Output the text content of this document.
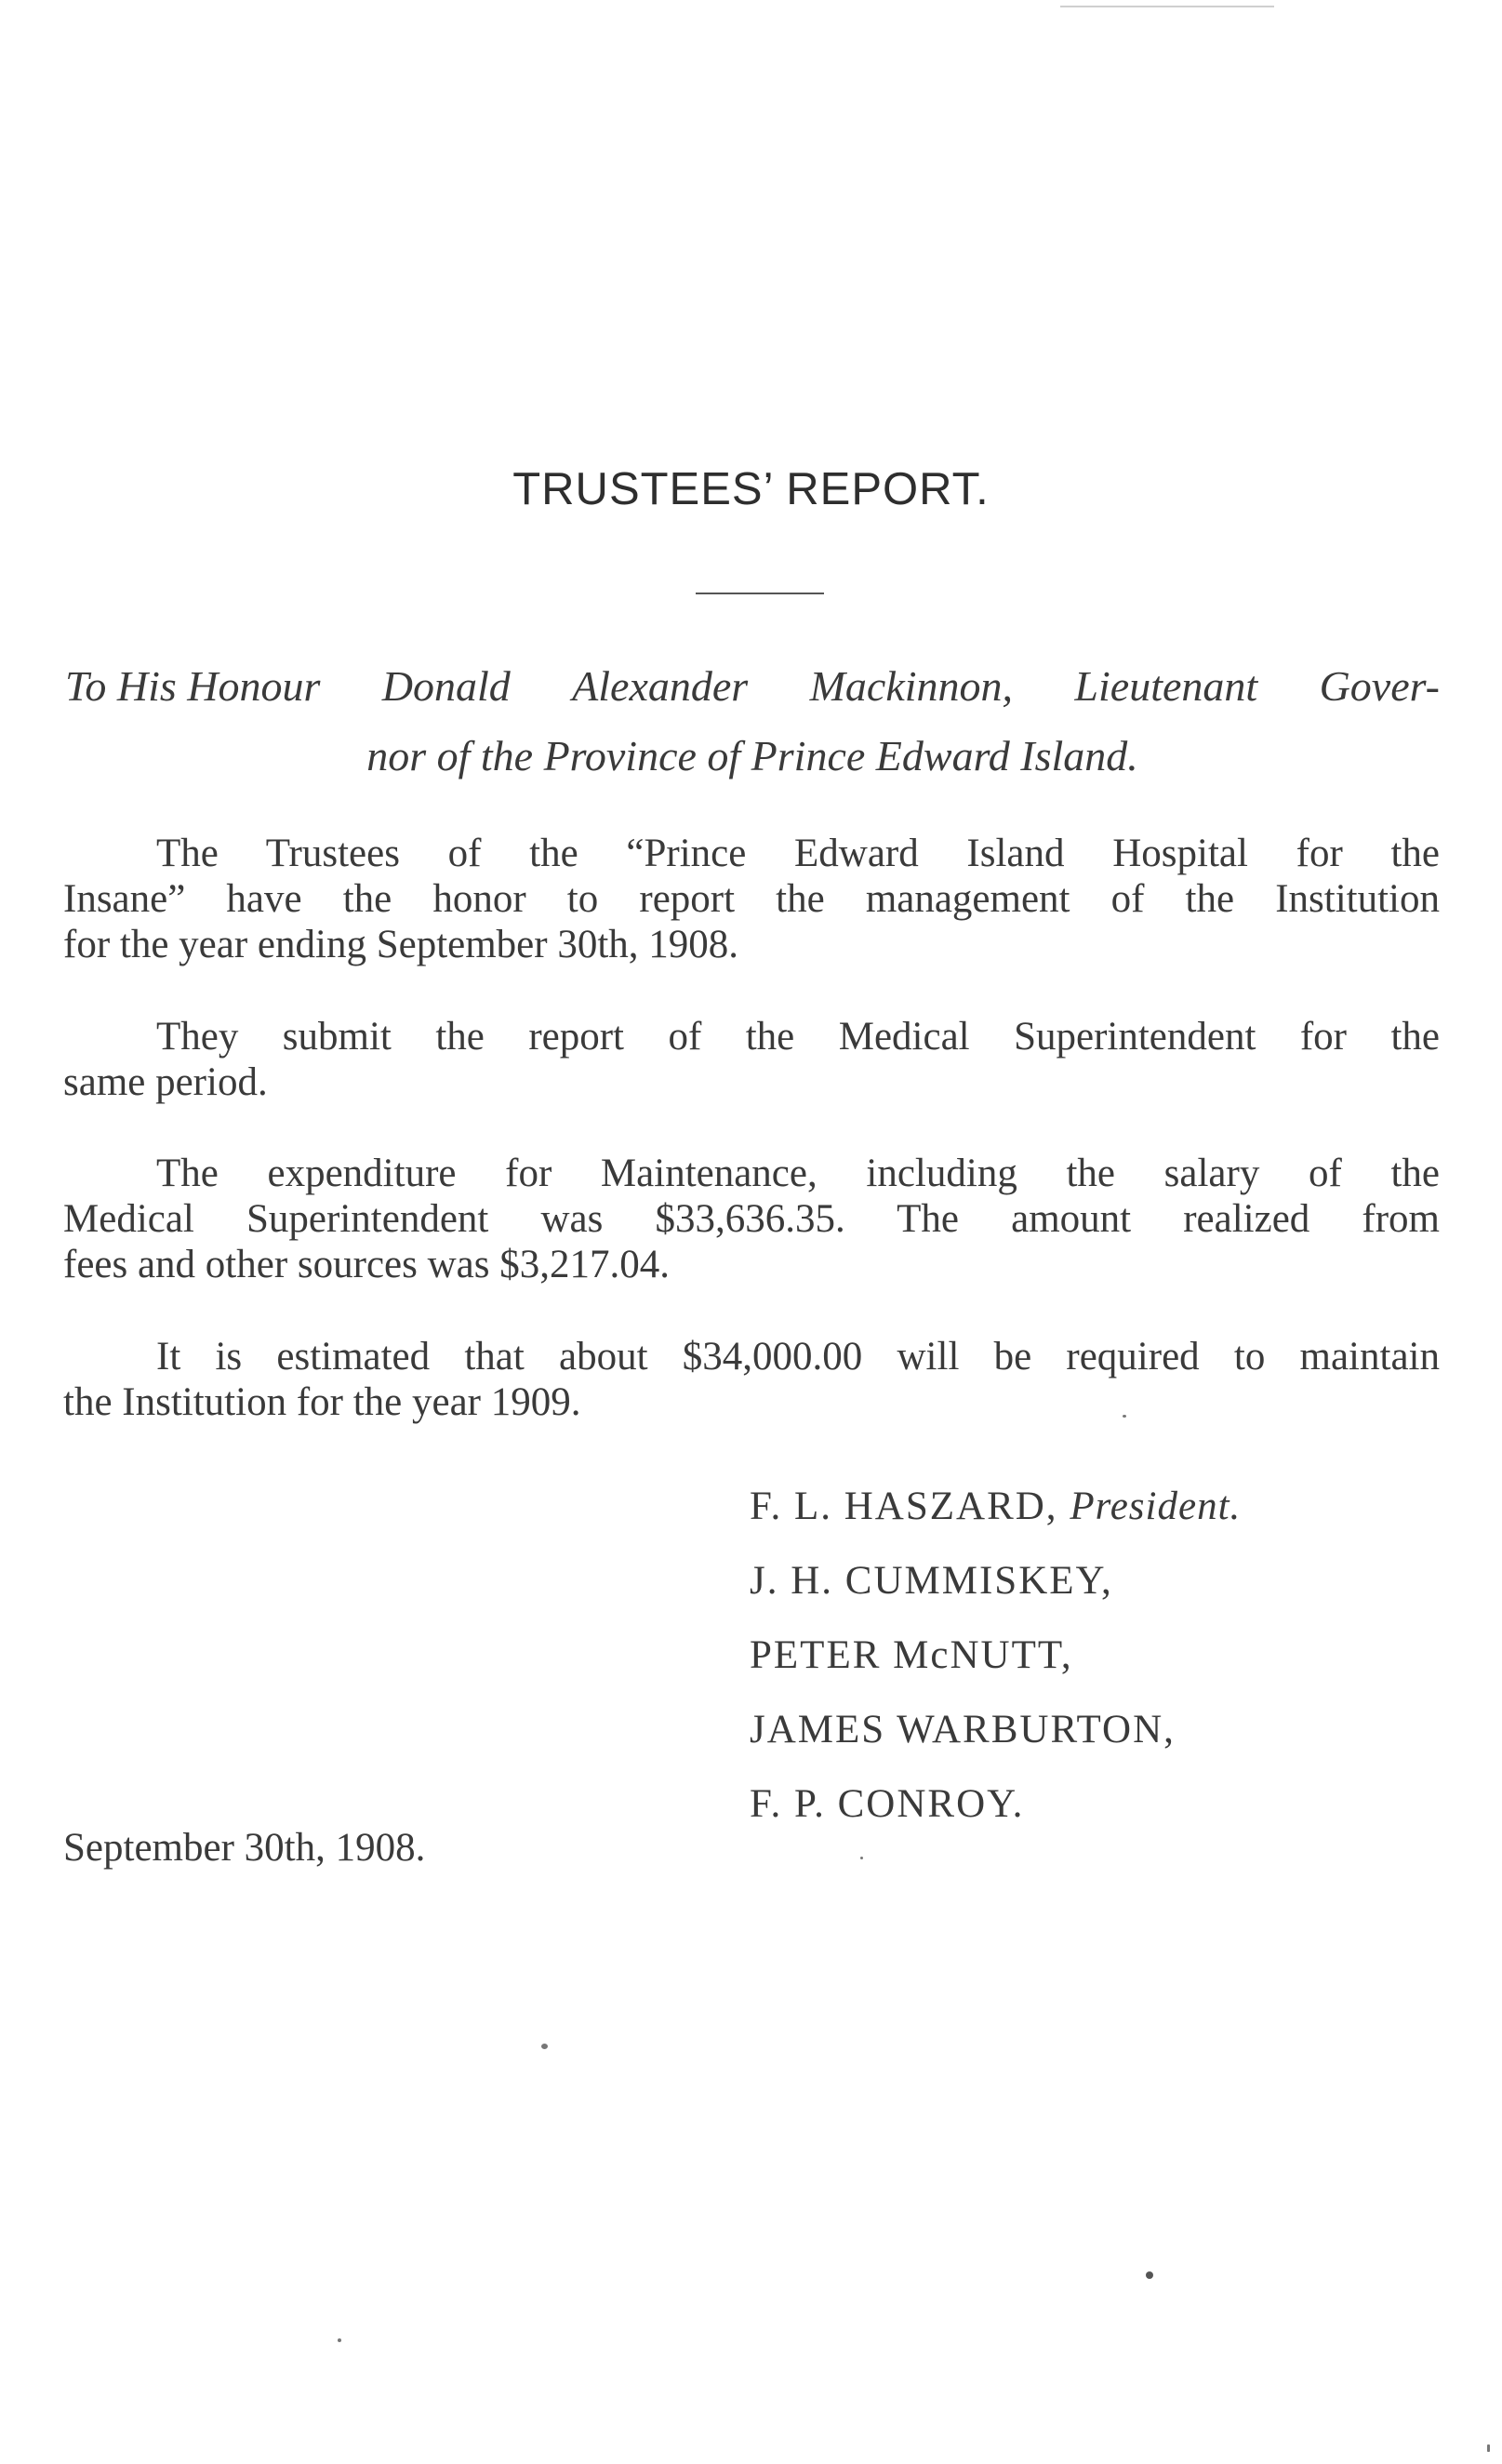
TRUSTEES’ REPORT.
To His Honour Donald Alexander Mackinnon, Lieutenant Gover-
nor of the Province of Prince Edward Island.
The Trustees of the “Prince Edward Island Hospital for the
Insane” have the honor to report the management of the Institution
for the year ending September 30th, 1908.
They submit the report of the Medical Superintendent for the
same period.
The expenditure for Maintenance, including the salary of the
Medical Superintendent was $33,636.35. The amount realized from
fees and other sources was $3,217.04.
It is estimated that about $34,000.00 will be required to maintain
the Institution for the year 1909.
F. L. HASZARD, President.
J. H. CUMMISKEY,
PETER McNUTT,
JAMES WARBURTON,
F. P. CONROY.
September 30th, 1908.
